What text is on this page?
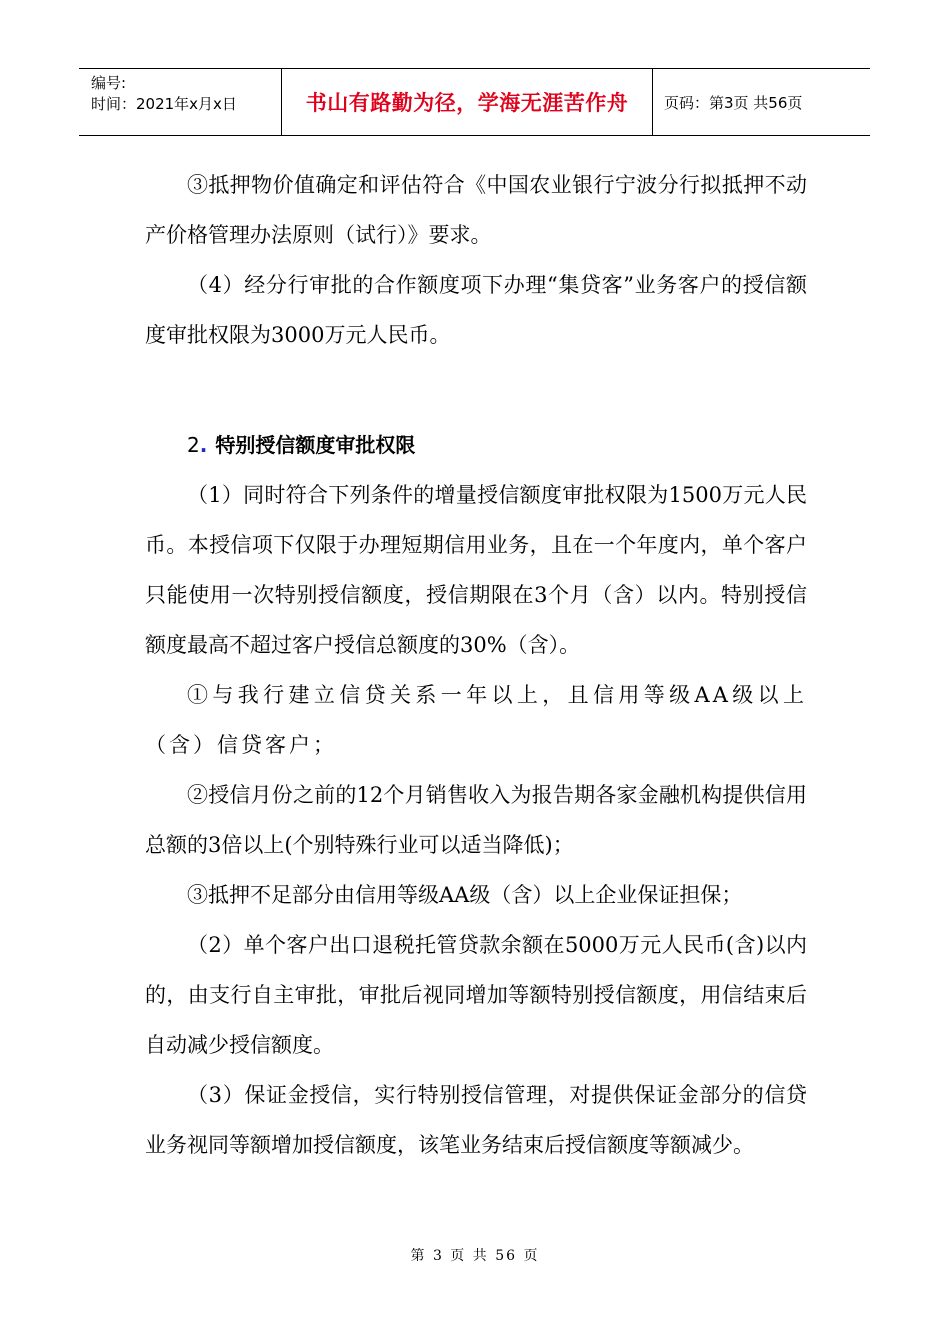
编号:
时间：2021年x月x日	书山有路勤为径，学海无涯苦作舟	页码：第3页 共56页

③抵押物价值确定和评估符合《中国农业银行宁波分行拟抵押不动产价格管理办法原则（试行）》要求。

（4）经分行审批的合作额度项下办理“集贷客”业务客户的授信额度审批权限为3000万元人民币。

2. 特别授信额度审批权限

（1）同时符合下列条件的增量授信额度审批权限为1500万元人民币。本授信项下仅限于办理短期信用业务，且在一个年度内，单个客户只能使用一次特别授信额度，授信期限在3个月（含）以内。特别授信额度最高不超过客户授信总额度的30%（含）。

①与我行建立信贷关系一年以上，且信用等级AA级以上（含）信贷客户；

②授信月份之前的12个月销售收入为报告期各家金融机构提供信用总额的3倍以上(个别特殊行业可以适当降低)；

③抵押不足部分由信用等级AA级（含）以上企业保证担保；

（2）单个客户出口退税托管贷款余额在5000万元人民币(含)以内的，由支行自主审批，审批后视同增加等额特别授信额度，用信结束后自动减少授信额度。

（3）保证金授信，实行特别授信管理，对提供保证金部分的信贷业务视同等额增加授信额度，该笔业务结束后授信额度等额减少。

第 3 页 共 56 页
